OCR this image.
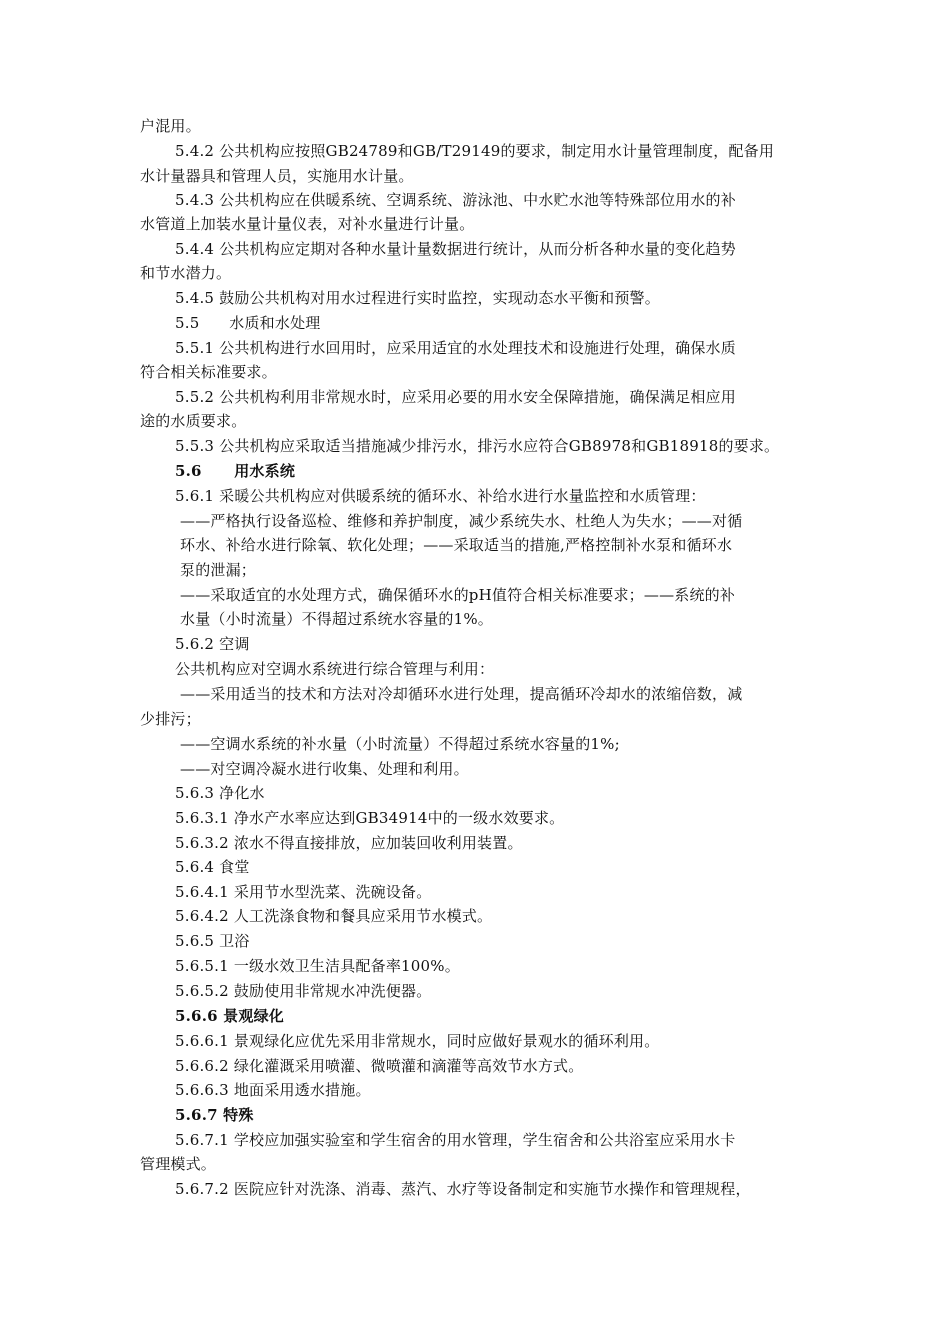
户混用。
5.4.2 公共机构应按照GB24789和GB/T29149的要求，制定用水计量管理制度，配备用
水计量器具和管理人员，实施用水计量。
5.4.3 公共机构应在供暖系统、空调系统、游泳池、中水贮水池等特殊部位用水的补
水管道上加装水量计量仪表，对补水量进行计量。
5.4.4 公共机构应定期对各种水量计量数据进行统计，从而分析各种水量的变化趋势
和节水潜力。
5.4.5 鼓励公共机构对用水过程进行实时监控，实现动态水平衡和预警。
5.5      水质和水处理
5.5.1 公共机构进行水回用时，应采用适宜的水处理技术和设施进行处理，确保水质
符合相关标准要求。
5.5.2 公共机构利用非常规水时，应采用必要的用水安全保障措施，确保满足相应用
途的水质要求。
5.5.3 公共机构应采取适当措施减少排污水，排污水应符合GB8978和GB18918的要求。
5.6      用水系统
5.6.1 采暖公共机构应对供暖系统的循环水、补给水进行水量监控和水质管理：
——严格执行设备巡检、维修和养护制度，减少系统失水、杜绝人为失水；——对循
环水、补给水进行除氧、软化处理；——采取适当的措施,严格控制补水泵和循环水
泵的泄漏；
——采取适宜的水处理方式，确保循环水的pH值符合相关标准要求；——系统的补
水量（小时流量）不得超过系统水容量的1%。
5.6.2 空调
公共机构应对空调水系统进行综合管理与利用：
——采用适当的技术和方法对冷却循环水进行处理，提高循环冷却水的浓缩倍数，减
少排污；
——空调水系统的补水量（小时流量）不得超过系统水容量的1%;
——对空调冷凝水进行收集、处理和利用。
5.6.3 净化水
5.6.3.1 净水产水率应达到GB34914中的一级水效要求。
5.6.3.2 浓水不得直接排放，应加装回收利用装置。
5.6.4 食堂
5.6.4.1 采用节水型洗菜、洗碗设备。
5.6.4.2 人工洗涤食物和餐具应采用节水模式。
5.6.5 卫浴
5.6.5.1 一级水效卫生洁具配备率100%。
5.6.5.2 鼓励使用非常规水冲洗便器。
5.6.6 景观绿化
5.6.6.1 景观绿化应优先采用非常规水，同时应做好景观水的循环利用。
5.6.6.2 绿化灌溉采用喷灌、微喷灌和滴灌等高效节水方式。
5.6.6.3 地面采用透水措施。
5.6.7 特殊
5.6.7.1 学校应加强实验室和学生宿舍的用水管理，学生宿舍和公共浴室应采用水卡
管理模式。
5.6.7.2 医院应针对洗涤、消毒、蒸汽、水疗等设备制定和实施节水操作和管理规程，
